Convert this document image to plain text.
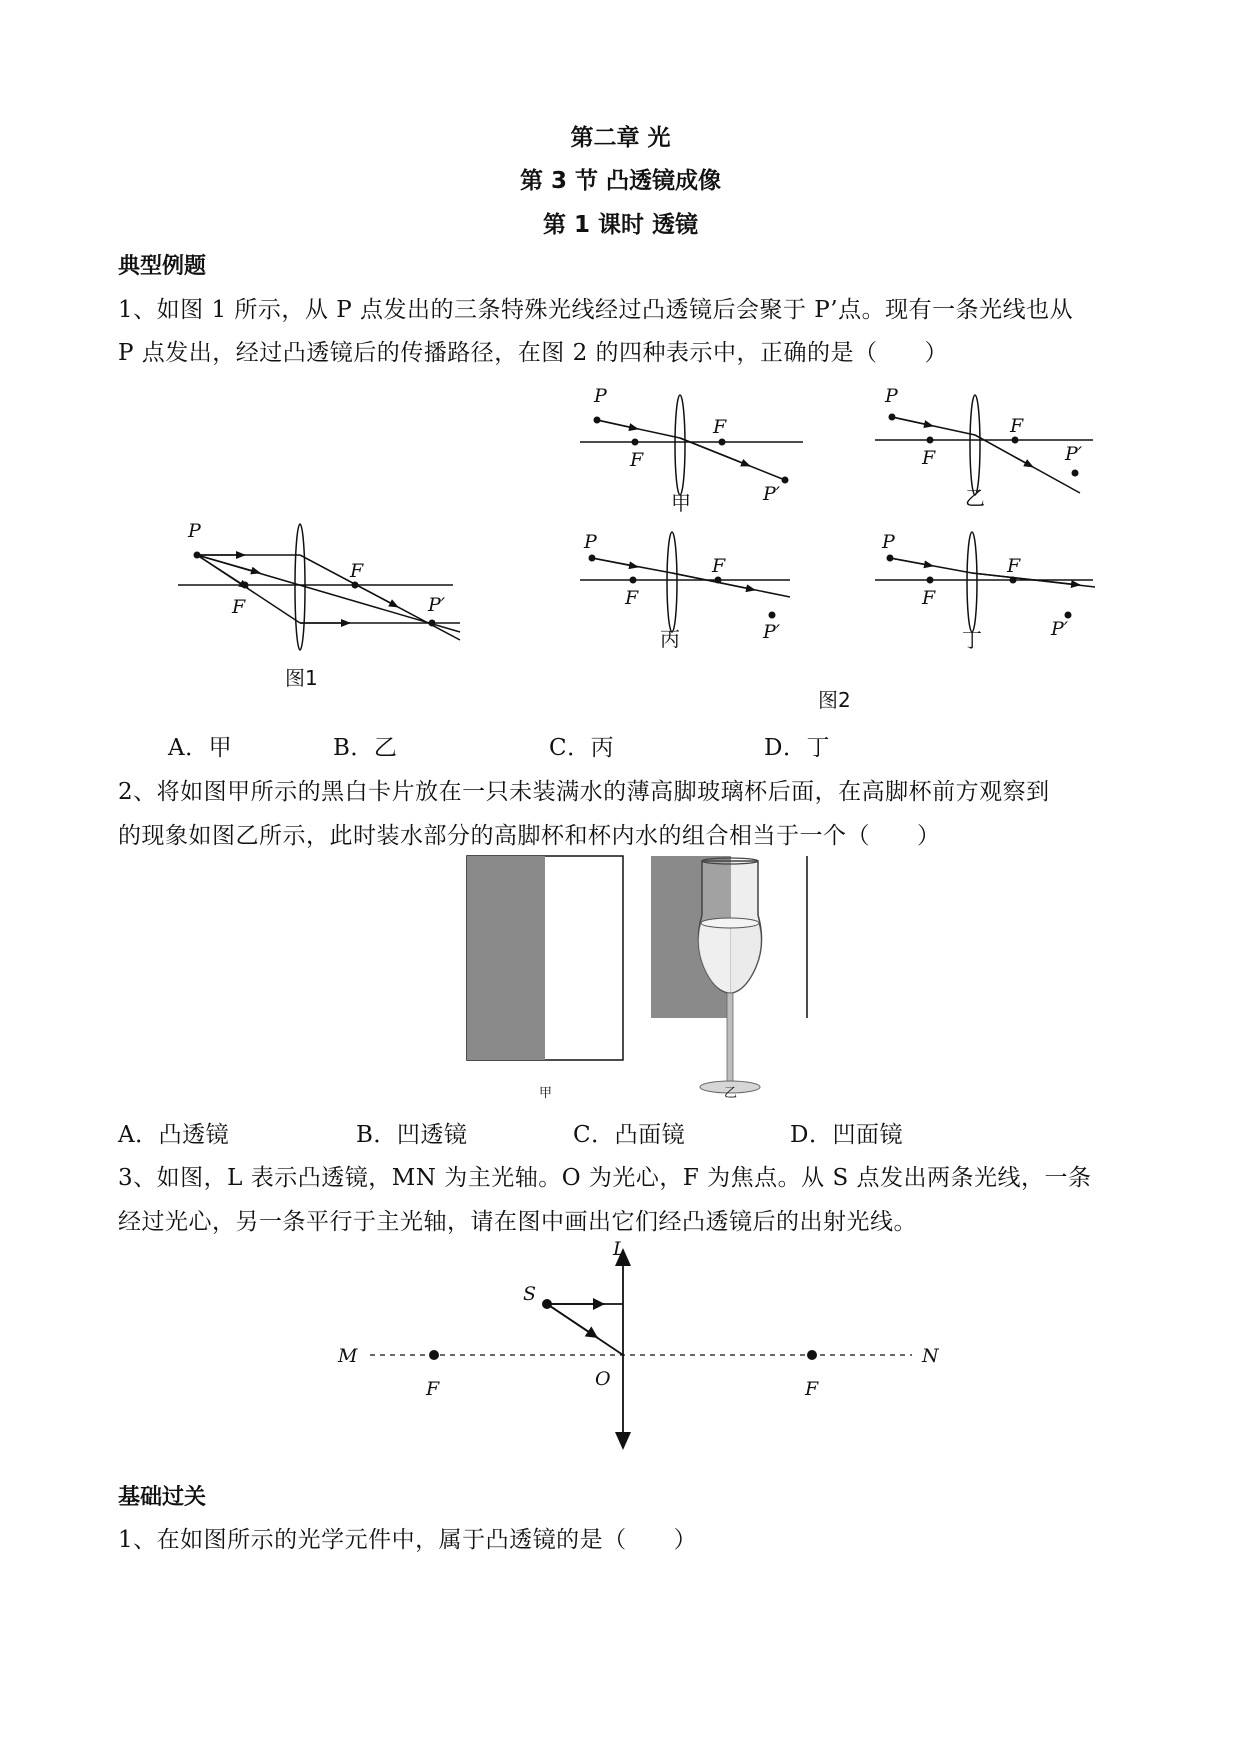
第二章 光
第 3 节 凸透镜成像
第 1 课时 透镜
典型例题
1、如图 1 所示，从 P 点发出的三条特殊光线经过凸透镜后会聚于 P’点。现有一条光线也从
P 点发出，经过凸透镜后的传播路径，在图 2 的四种表示中，正确的是（　　）
P
F
F
P′
图1
P
F
F
P′
甲
P
F
F
P′
乙
P
F
F
P′
丙
P
F
F
P′
丁
图2
A．甲	B．乙	C．丙	D．丁
2、将如图甲所示的黑白卡片放在一只未装满水的薄高脚玻璃杯后面，在高脚杯前方观察到
的现象如图乙所示，此时装水部分的高脚杯和杯内水的组合相当于一个（　　）
甲	乙
A．凸透镜	B．凹透镜	C．凸面镜	D．凹面镜
3、如图，L 表示凸透镜，MN 为主光轴。O 为光心，F 为焦点。从 S 点发出两条光线，一条
经过光心，另一条平行于主光轴，请在图中画出它们经凸透镜后的出射光线。
L
S
M	N
O
F	F
基础过关
1、在如图所示的光学元件中，属于凸透镜的是（　　）
